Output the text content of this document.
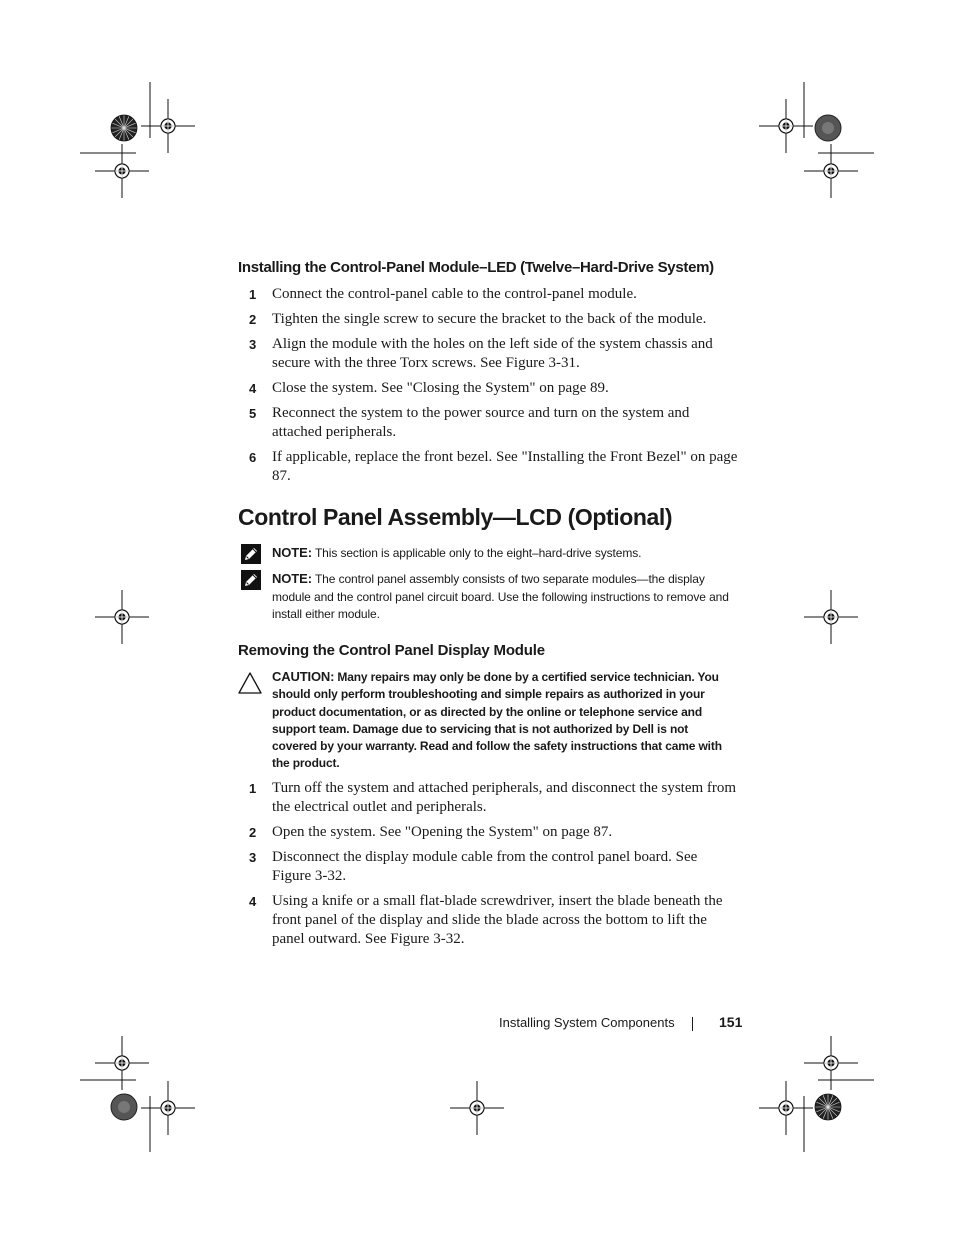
Installing the Control-Panel Module–LED (Twelve–Hard-Drive System)
1 Connect the control-panel cable to the control-panel module.
2 Tighten the single screw to secure the bracket to the back of the module.
3 Align the module with the holes on the left side of the system chassis and secure with the three Torx screws. See Figure 3-31.
4 Close the system. See "Closing the System" on page 89.
5 Reconnect the system to the power source and turn on the system and attached peripherals.
6 If applicable, replace the front bezel. See "Installing the Front Bezel" on page 87.
Control Panel Assembly—LCD (Optional)
NOTE: This section is applicable only to the eight–hard-drive systems.
NOTE: The control panel assembly consists of two separate modules—the display module and the control panel circuit board. Use the following instructions to remove and install either module.
Removing the Control Panel Display Module
CAUTION: Many repairs may only be done by a certified service technician. You should only perform troubleshooting and simple repairs as authorized in your product documentation, or as directed by the online or telephone service and support team. Damage due to servicing that is not authorized by Dell is not covered by your warranty. Read and follow the safety instructions that came with the product.
1 Turn off the system and attached peripherals, and disconnect the system from the electrical outlet and peripherals.
2 Open the system. See "Opening the System" on page 87.
3 Disconnect the display module cable from the control panel board. See Figure 3-32.
4 Using a knife or a small flat-blade screwdriver, insert the blade beneath the front panel of the display and slide the blade across the bottom to lift the panel outward. See Figure 3-32.
Installing System Components	151
